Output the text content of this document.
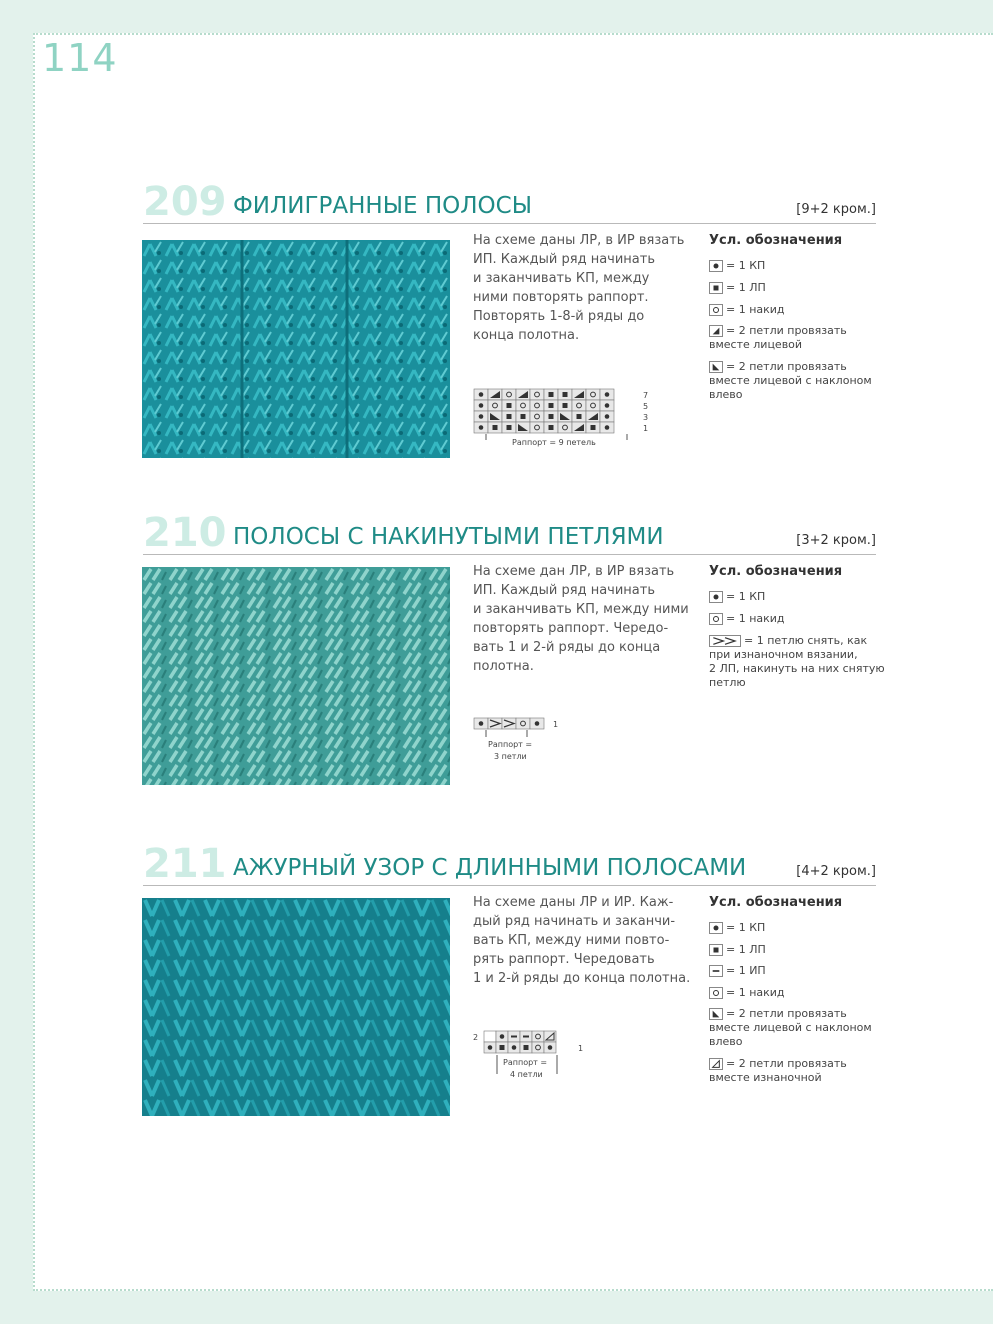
114
209 ФИЛИГРАННЫЕ ПОЛОСЫ	[9+2 кром.]
На схеме даны ЛР, в ИР вязать
ИП. Каждый ряд начинать
и заканчивать КП, между
ними повторять раппорт.
Повторять 1-8-й ряды до
конца полотна.
Усл. обозначения
= 1 КП
= 1 ЛП
= 1 накид
= 2 петли провязать
вместе лицевой
= 2 петли провязать
вместе лицевой с наклоном
влево
7
5
3
1
Раппорт = 9 петель
210 ПОЛОСЫ С НАКИНУТЫМИ ПЕТЛЯМИ	[3+2 кром.]
На схеме дан ЛР, в ИР вязать
ИП. Каждый ряд начинать
и заканчивать КП, между ними
повторять раппорт. Чередо-
вать 1 и 2-й ряды до конца
полотна.
Усл. обозначения
= 1 КП
= 1 накид
= 1 петлю снять, как
при изнаночном вязании,
2 ЛП, накинуть на них снятую
петлю
1
Раппорт =
3 петли
211 АЖУРНЫЙ УЗОР С ДЛИННЫМИ ПОЛОСАМИ	[4+2 кром.]
На схеме даны ЛР и ИР. Каж-
дый ряд начинать и заканчи-
вать КП, между ними повто-
рять раппорт. Чередовать
1 и 2-й ряды до конца полотна.
Усл. обозначения
= 1 КП
= 1 ЛП
= 1 ИП
= 1 накид
= 2 петли провязать
вместе лицевой с наклоном
влево
= 2 петли провязать
вместе изнаночной
2
1
Раппорт =
4 петли
